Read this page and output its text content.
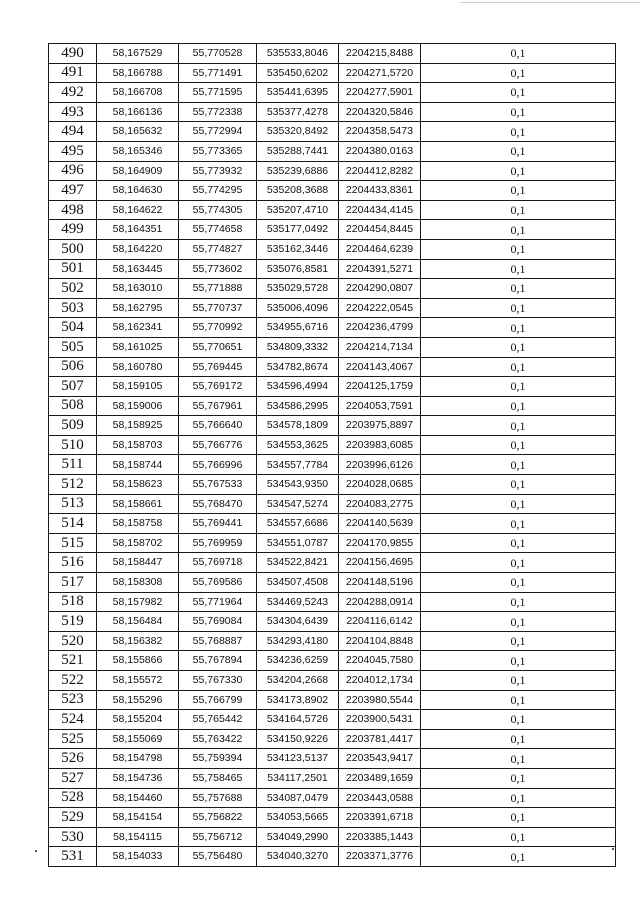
490	58,167529	55,770528	535533,8046	2204215,8488	0,1
491	58,166788	55,771491	535450,6202	2204271,5720	0,1
492	58,166708	55,771595	535441,6395	2204277,5901	0,1
493	58,166136	55,772338	535377,4278	2204320,5846	0,1
494	58,165632	55,772994	535320,8492	2204358,5473	0,1
495	58,165346	55,773365	535288,7441	2204380,0163	0,1
496	58,164909	55,773932	535239,6886	2204412,8282	0,1
497	58,164630	55,774295	535208,3688	2204433,8361	0,1
498	58,164622	55,774305	535207,4710	2204434,4145	0,1
499	58,164351	55,774658	535177,0492	2204454,8445	0,1
500	58,164220	55,774827	535162,3446	2204464,6239	0,1
501	58,163445	55,773602	535076,8581	2204391,5271	0,1
502	58,163010	55,771888	535029,5728	2204290,0807	0,1
503	58,162795	55,770737	535006,4096	2204222,0545	0,1
504	58,162341	55,770992	534955,6716	2204236,4799	0,1
505	58,161025	55,770651	534809,3332	2204214,7134	0,1
506	58,160780	55,769445	534782,8674	2204143,4067	0,1
507	58,159105	55,769172	534596,4994	2204125,1759	0,1
508	58,159006	55,767961	534586,2995	2204053,7591	0,1
509	58,158925	55,766640	534578,1809	2203975,8897	0,1
510	58,158703	55,766776	534553,3625	2203983,6085	0,1
511	58,158744	55,766996	534557,7784	2203996,6126	0,1
512	58,158623	55,767533	534543,9350	2204028,0685	0,1
513	58,158661	55,768470	534547,5274	2204083,2775	0,1
514	58,158758	55,769441	534557,6686	2204140,5639	0,1
515	58,158702	55,769959	534551,0787	2204170,9855	0,1
516	58,158447	55,769718	534522,8421	2204156,4695	0,1
517	58,158308	55,769586	534507,4508	2204148,5196	0,1
518	58,157982	55,771964	534469,5243	2204288,0914	0,1
519	58,156484	55,769084	534304,6439	2204116,6142	0,1
520	58,156382	55,768887	534293,4180	2204104,8848	0,1
521	58,155866	55,767894	534236,6259	2204045,7580	0,1
522	58,155572	55,767330	534204,2668	2204012,1734	0,1
523	58,155296	55,766799	534173,8902	2203980,5544	0,1
524	58,155204	55,765442	534164,5726	2203900,5431	0,1
525	58,155069	55,763422	534150,9226	2203781,4417	0,1
526	58,154798	55,759394	534123,5137	2203543,9417	0,1
527	58,154736	55,758465	534117,2501	2203489,1659	0,1
528	58,154460	55,757688	534087,0479	2203443,0588	0,1
529	58,154154	55,756822	534053,5665	2203391,6718	0,1
530	58,154115	55,756712	534049,2990	2203385,1443	0,1
531	58,154033	55,756480	534040,3270	2203371,3776	0,1
